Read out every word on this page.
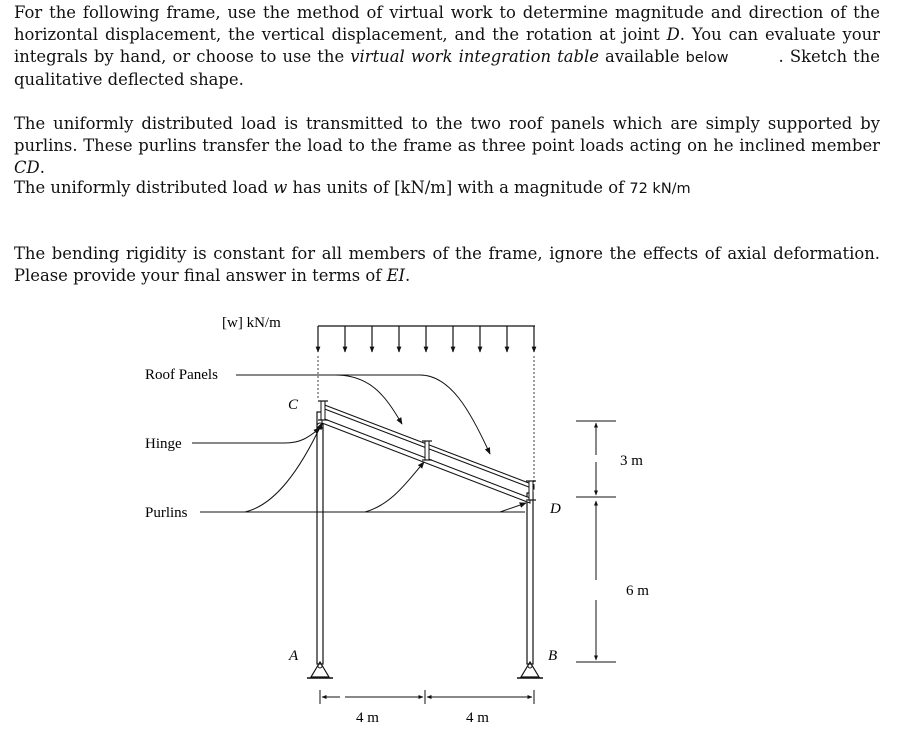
For the following frame, use the method of virtual work to determine magnitude and direction of the horizontal displacement, the vertical displacement, and the rotation at joint D. You can evaluate your integrals by hand, or choose to use the virtual work integration table available below	. Sketch the qualitative deflected shape.
The uniformly distributed load is transmitted to the two roof panels which are simply supported by purlins. These purlins transfer the load to the frame as three point loads acting on he inclined member CD.
The uniformly distributed load w has units of [kN/m] with a magnitude of 72 kN/m
The bending rigidity is constant for all members of the frame, ignore the effects of axial deformation. Please provide your final answer in terms of EI.
[w] kN/m
Roof Panels
Hinge
Purlins
C
D
A	B
3 m
6 m
4 m	4 m
